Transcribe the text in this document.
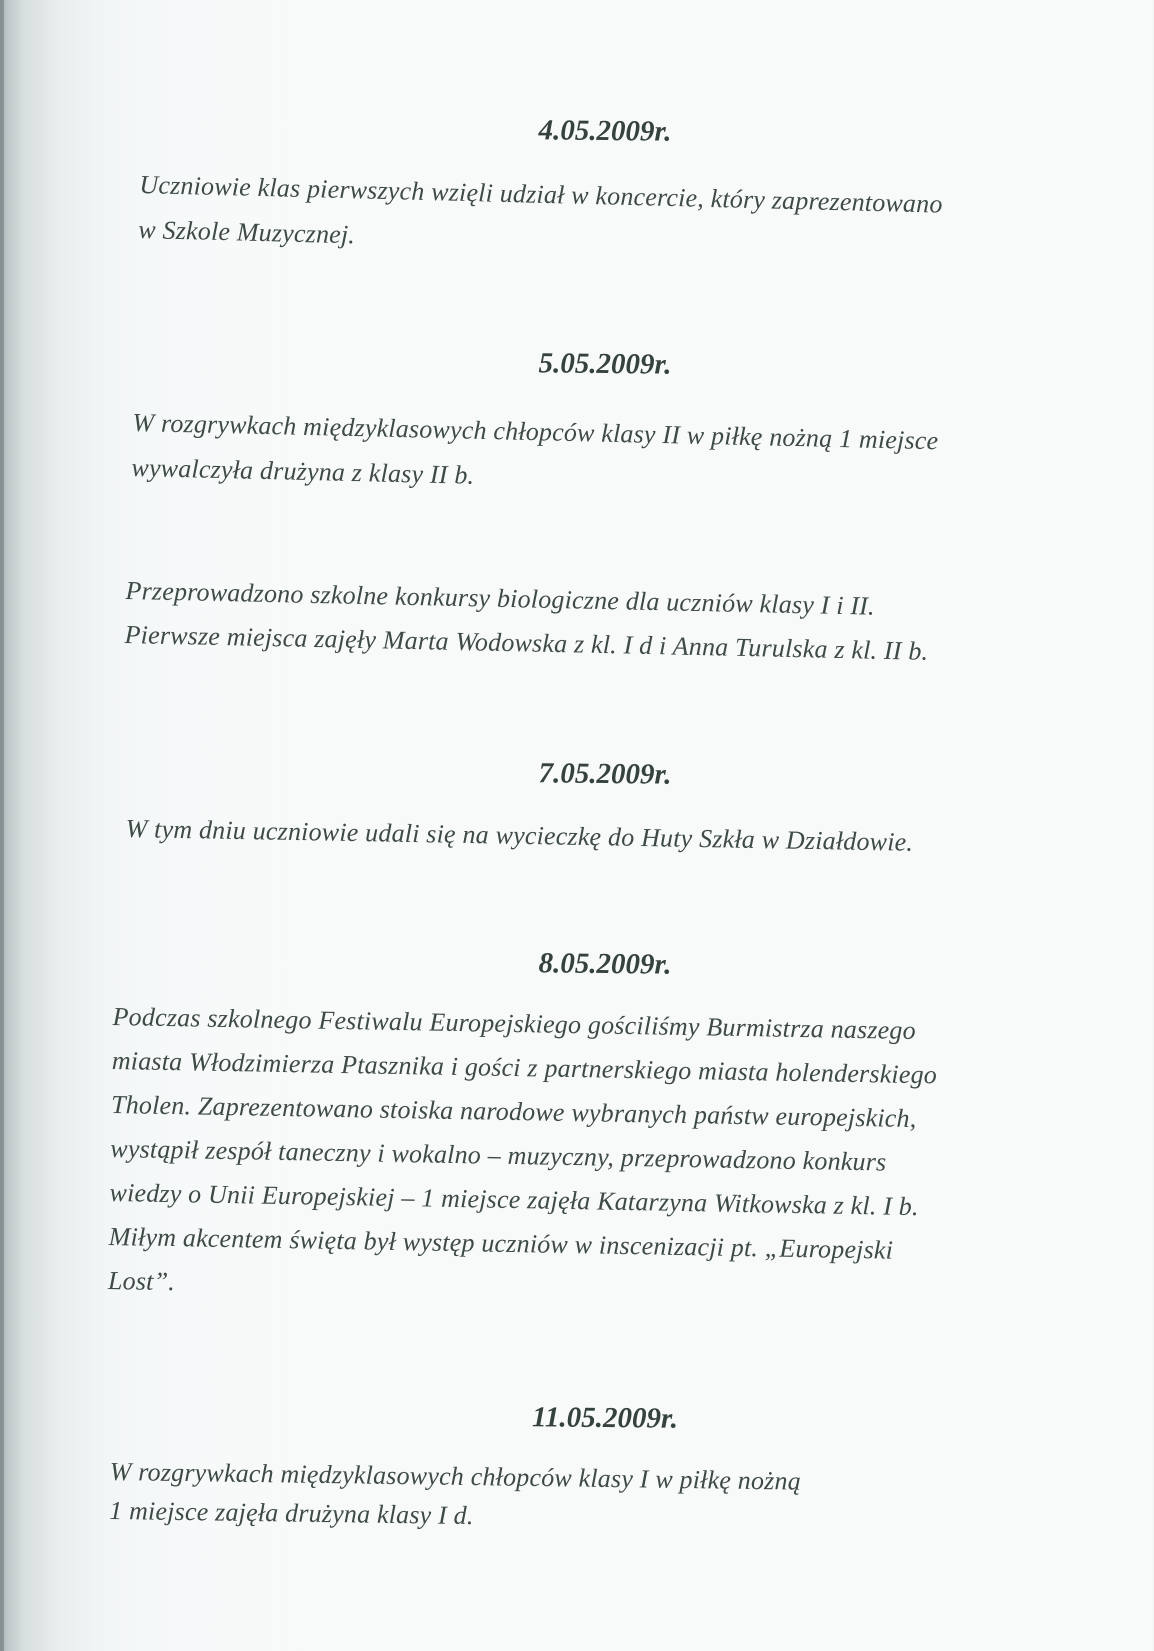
4.05.2009r.

Uczniowie klas pierwszych wzięli udział w koncercie, który zaprezentowano
w Szkole Muzycznej.

5.05.2009r.

W rozgrywkach międzyklasowych chłopców klasy II w piłkę nożną 1 miejsce
wywalczyła drużyna z klasy II b.

Przeprowadzono szkolne konkursy biologiczne dla uczniów klasy I i II.
Pierwsze miejsca zajęły Marta Wodowska z kl. I d i Anna Turulska z kl. II b.

7.05.2009r.

W tym dniu uczniowie udali się na wycieczkę do Huty Szkła w Działdowie.

8.05.2009r.

Podczas szkolnego Festiwalu Europejskiego gościliśmy Burmistrza naszego
miasta Włodzimierza Ptasznika i gości z partnerskiego miasta holenderskiego
Tholen. Zaprezentowano stoiska narodowe wybranych państw europejskich,
wystąpił zespół taneczny i wokalno – muzyczny, przeprowadzono konkurs
wiedzy o Unii Europejskiej – 1 miejsce zajęła Katarzyna Witkowska z kl. I b.
Miłym akcentem święta był występ uczniów w inscenizacji pt. „Europejski
Lost”.

11.05.2009r.

W rozgrywkach międzyklasowych chłopców klasy I w piłkę nożną
1 miejsce zajęła drużyna klasy I d.
